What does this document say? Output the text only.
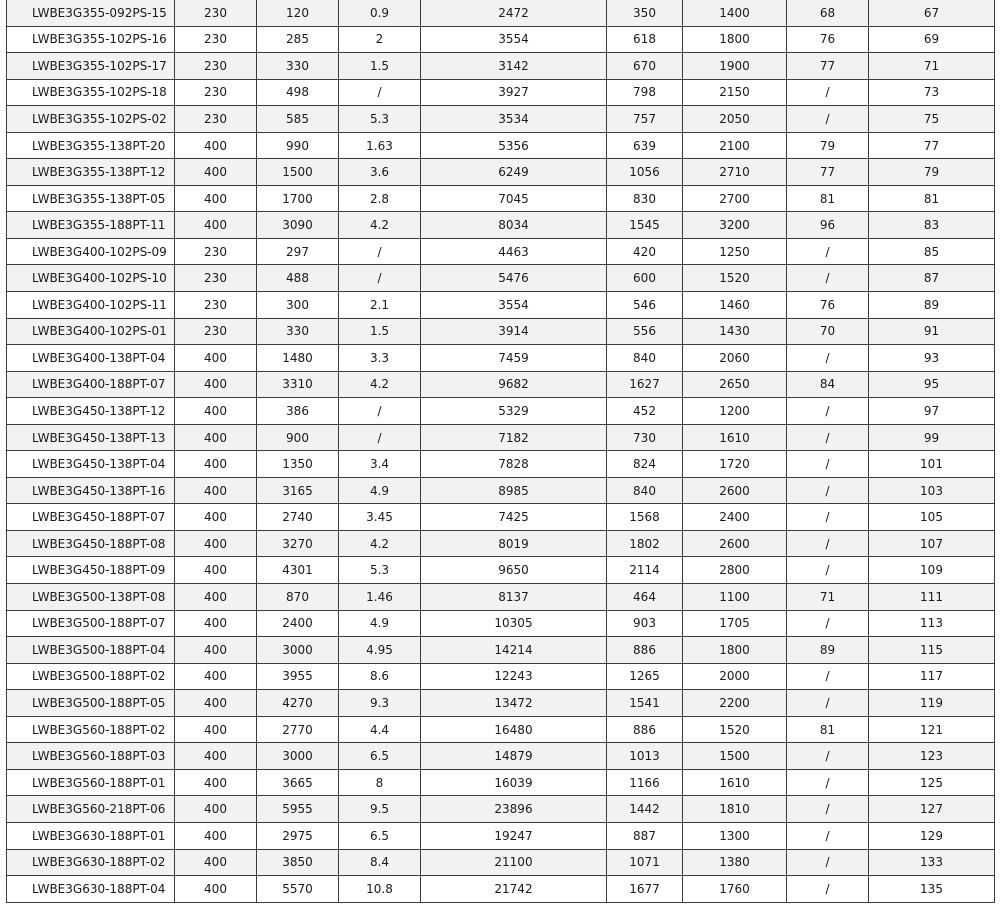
LWBE3G355-092PS-15	230	120	0.9	2472	350	1400	68	67
LWBE3G355-102PS-16	230	285	2	3554	618	1800	76	69
LWBE3G355-102PS-17	230	330	1.5	3142	670	1900	77	71
LWBE3G355-102PS-18	230	498	/	3927	798	2150	/	73
LWBE3G355-102PS-02	230	585	5.3	3534	757	2050	/	75
LWBE3G355-138PT-20	400	990	1.63	5356	639	2100	79	77
LWBE3G355-138PT-12	400	1500	3.6	6249	1056	2710	77	79
LWBE3G355-138PT-05	400	1700	2.8	7045	830	2700	81	81
LWBE3G355-188PT-11	400	3090	4.2	8034	1545	3200	96	83
LWBE3G400-102PS-09	230	297	/	4463	420	1250	/	85
LWBE3G400-102PS-10	230	488	/	5476	600	1520	/	87
LWBE3G400-102PS-11	230	300	2.1	3554	546	1460	76	89
LWBE3G400-102PS-01	230	330	1.5	3914	556	1430	70	91
LWBE3G400-138PT-04	400	1480	3.3	7459	840	2060	/	93
LWBE3G400-188PT-07	400	3310	4.2	9682	1627	2650	84	95
LWBE3G450-138PT-12	400	386	/	5329	452	1200	/	97
LWBE3G450-138PT-13	400	900	/	7182	730	1610	/	99
LWBE3G450-138PT-04	400	1350	3.4	7828	824	1720	/	101
LWBE3G450-138PT-16	400	3165	4.9	8985	840	2600	/	103
LWBE3G450-188PT-07	400	2740	3.45	7425	1568	2400	/	105
LWBE3G450-188PT-08	400	3270	4.2	8019	1802	2600	/	107
LWBE3G450-188PT-09	400	4301	5.3	9650	2114	2800	/	109
LWBE3G500-138PT-08	400	870	1.46	8137	464	1100	71	111
LWBE3G500-188PT-07	400	2400	4.9	10305	903	1705	/	113
LWBE3G500-188PT-04	400	3000	4.95	14214	886	1800	89	115
LWBE3G500-188PT-02	400	3955	8.6	12243	1265	2000	/	117
LWBE3G500-188PT-05	400	4270	9.3	13472	1541	2200	/	119
LWBE3G560-188PT-02	400	2770	4.4	16480	886	1520	81	121
LWBE3G560-188PT-03	400	3000	6.5	14879	1013	1500	/	123
LWBE3G560-188PT-01	400	3665	8	16039	1166	1610	/	125
LWBE3G560-218PT-06	400	5955	9.5	23896	1442	1810	/	127
LWBE3G630-188PT-01	400	2975	6.5	19247	887	1300	/	129
LWBE3G630-188PT-02	400	3850	8.4	21100	1071	1380	/	133
LWBE3G630-188PT-04	400	5570	10.8	21742	1677	1760	/	135
